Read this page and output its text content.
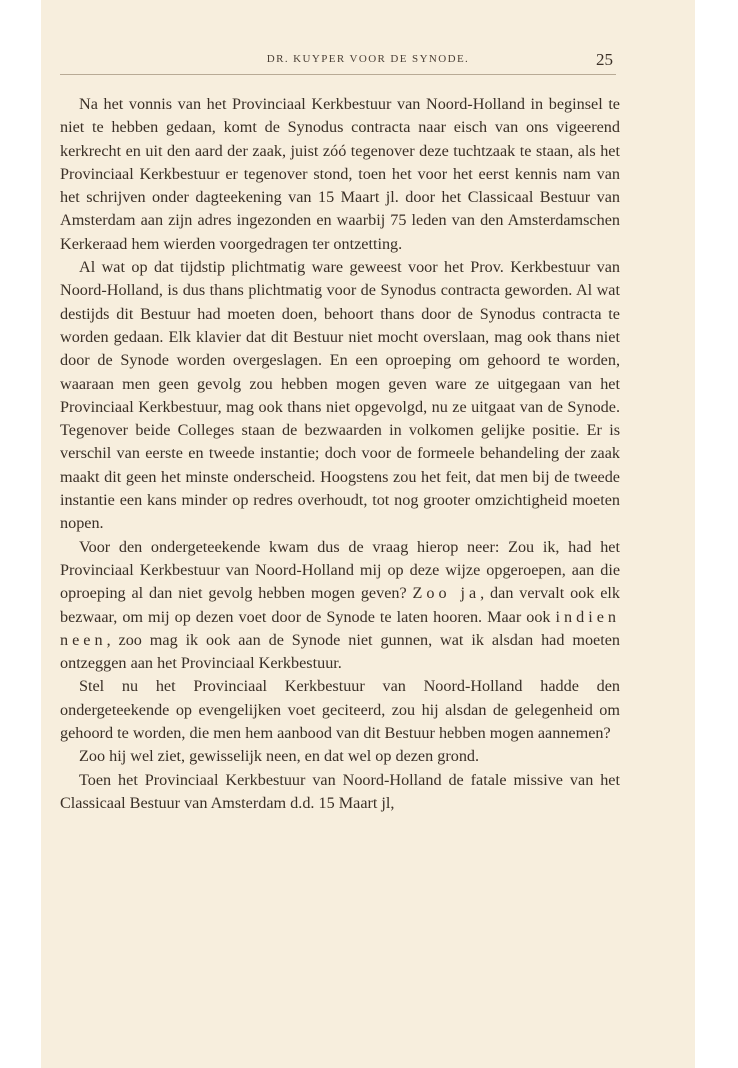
DR. KUYPER VOOR DE SYNODE.	25

Na het vonnis van het Provinciaal Kerkbestuur van Noord-Holland in beginsel te niet te hebben gedaan, komt de Synodus contracta naar eisch van ons vigeerend kerkrecht en uit den aard der zaak, juist zóó tegenover deze tuchtzaak te staan, als het Provinciaal Kerkbestuur er tegenover stond, toen het voor het eerst kennis nam van het schrijven onder dagteekening van 15 Maart jl. door het Classicaal Bestuur van Amsterdam aan zijn adres ingezonden en waarbij 75 leden van den Amsterdamschen Kerkeraad hem wierden voorgedragen ter ontzetting.

Al wat op dat tijdstip plichtmatig ware geweest voor het Prov. Kerkbestuur van Noord-Holland, is dus thans plichtmatig voor de Synodus contracta geworden. Al wat destijds dit Bestuur had moeten doen, behoort thans door de Synodus contracta te worden gedaan. Elk klavier dat dit Bestuur niet mocht overslaan, mag ook thans niet door de Synode worden overgeslagen. En een oproeping om gehoord te worden, waaraan men geen gevolg zou hebben mogen geven ware ze uitgegaan van het Provinciaal Kerkbestuur, mag ook thans niet opgevolgd, nu ze uitgaat van de Synode. Tegenover beide Colleges staan de bezwaarden in volkomen gelijke positie. Er is verschil van eerste en tweede instantie; doch voor de formeele behandeling der zaak maakt dit geen het minste onderscheid. Hoogstens zou het feit, dat men bij de tweede instantie een kans minder op redres overhoudt, tot nog grooter omzichtigheid moeten nopen.

Voor den ondergeteekende kwam dus de vraag hierop neer: Zou ik, had het Provinciaal Kerkbestuur van Noord-Holland mij op deze wijze opgeroepen, aan die oproeping al dan niet gevolg hebben mogen geven? Zoo ja, dan vervalt ook elk bezwaar, om mij op dezen voet door de Synode te laten hooren. Maar ook indien neen, zoo mag ik ook aan de Synode niet gunnen, wat ik alsdan had moeten ontzeggen aan het Provinciaal Kerkbestuur.

Stel nu het Provinciaal Kerkbestuur van Noord-Holland hadde den ondergeteekende op evengelijken voet geciteerd, zou hij alsdan de gelegenheid om gehoord te worden, die men hem aanbood van dit Bestuur hebben mogen aannemen?

Zoo hij wel ziet, gewisselijk neen, en dat wel op dezen grond.

Toen het Provinciaal Kerkbestuur van Noord-Holland de fatale missive van het Classicaal Bestuur van Amsterdam d.d. 15 Maart jl,
